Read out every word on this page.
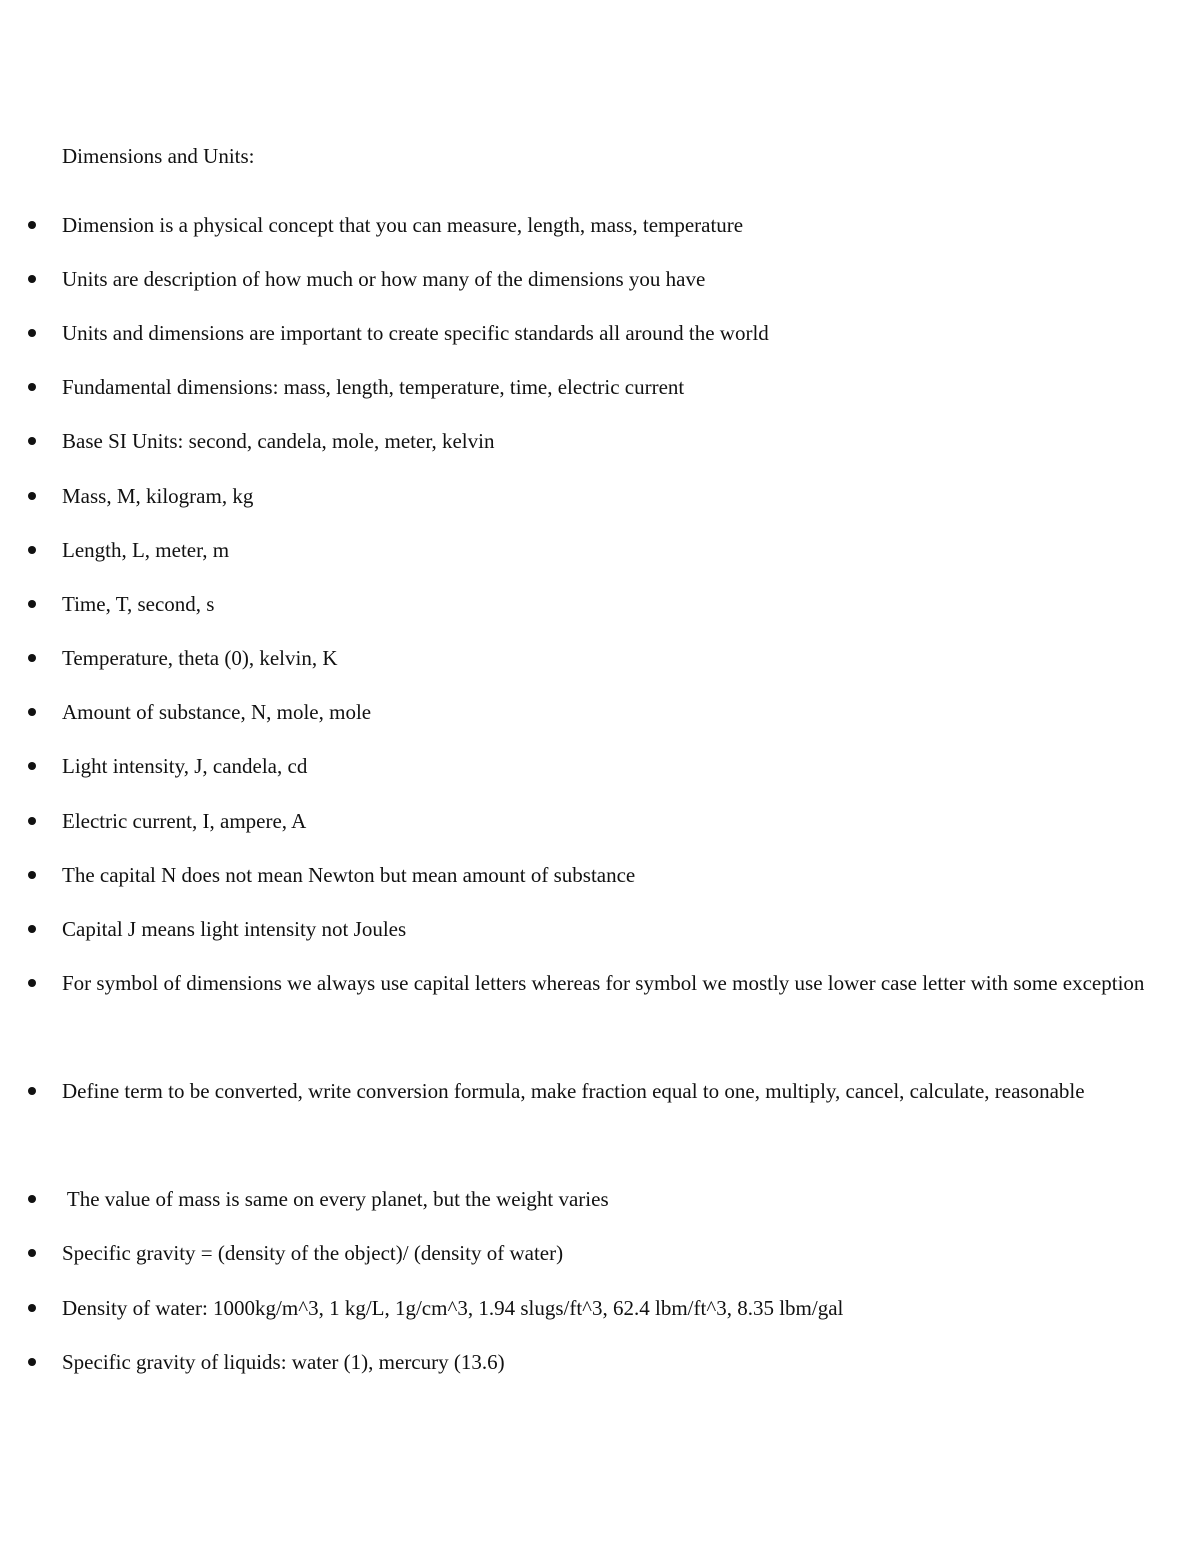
Dimensions and Units:
Dimension is a physical concept that you can measure, length, mass, temperature
Units are description of how much or how many of the dimensions you have
Units and dimensions are important to create specific standards all around the world
Fundamental dimensions: mass, length, temperature, time, electric current
Base SI Units: second, candela, mole, meter, kelvin
Mass, M, kilogram, kg
Length, L, meter, m
Time, T, second, s
Temperature, theta (0), kelvin, K
Amount of substance, N, mole, mole
Light intensity, J, candela, cd
Electric current, I, ampere, A
The capital N does not mean Newton but mean amount of substance
Capital J means light intensity not Joules
For symbol of dimensions we always use capital letters whereas for symbol we mostly use lower case letter with some exception
Define term to be converted, write conversion formula, make fraction equal to one, multiply, cancel, calculate, reasonable
The value of mass is same on every planet, but the weight varies
Specific gravity = (density of the object)/ (density of water)
Density of water: 1000kg/m^3, 1 kg/L, 1g/cm^3, 1.94 slugs/ft^3, 62.4 lbm/ft^3, 8.35 lbm/gal
Specific gravity of liquids: water (1), mercury (13.6)
